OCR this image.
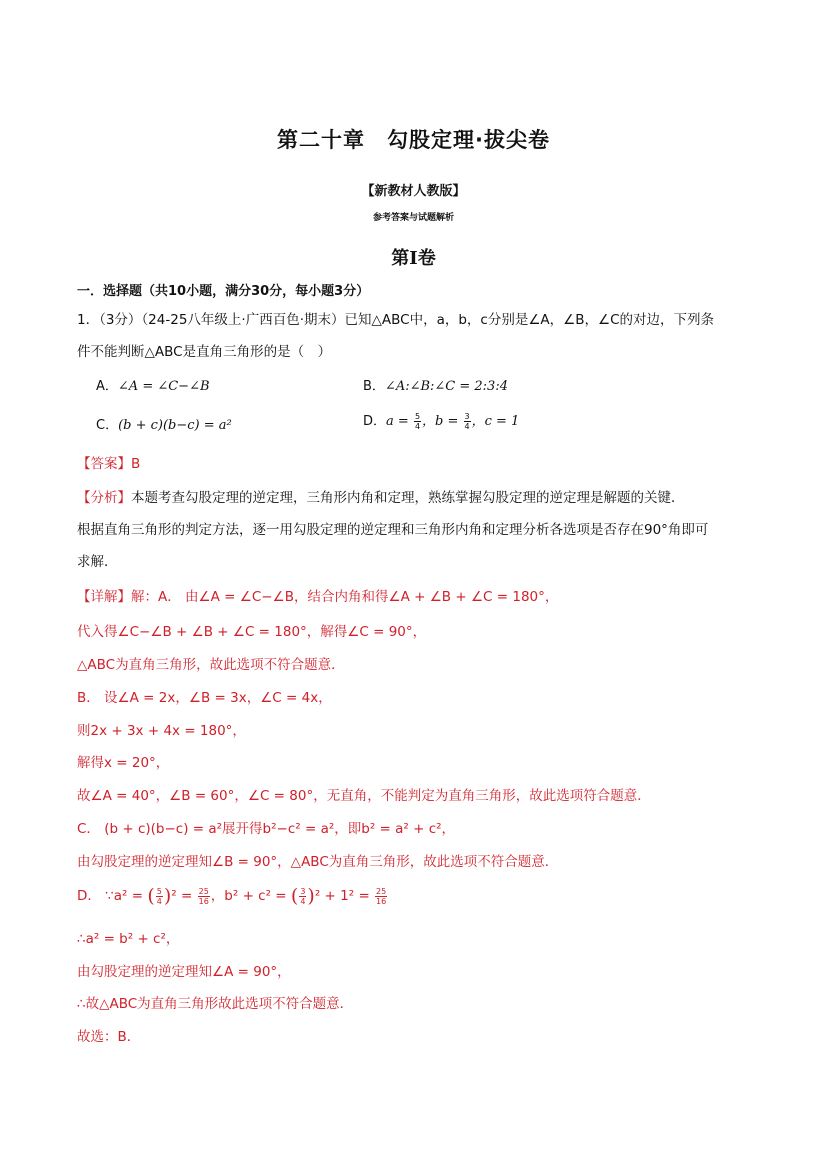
第二十章　勾股定理·拔尖卷
【新教材人教版】
参考答案与试题解析
第Ⅰ卷
一．选择题（共10小题，满分30分，每小题3分）
1．（3分）（24-25八年级上·广西百色·期末）已知△ABC中，a，b，c分别是∠A，∠B，∠C的对边，下列条
件不能判断△ABC是直角三角形的是（　）
A．∠A = ∠C−∠B	B．∠A:∠B:∠C = 2:3:4
C．(b + c)(b−c) = a²	D．$a = \frac{5}{4}$ ，$b = \frac{3}{4}$ ，c = 1
【答案】B
【分析】本题考查勾股定理的逆定理，三角形内角和定理，熟练掌握勾股定理的逆定理是解题的关键．
根据直角三角形的判定方法，逐一用勾股定理的逆定理和三角形内角和定理分析各选项是否存在90°角即可
求解．
【详解】解：A． 由∠A = ∠C−∠B，结合内角和得∠A + ∠B + ∠C = 180°，
代入得∠C−∠B + ∠B + ∠C = 180°，解得∠C = 90°，
△ABC为直角三角形，故此选项不符合题意．
B． 设∠A = 2x，∠B = 3x，∠C = 4x，
则2x + 3x + 4x = 180°，
解得x = 20°，
故∠A = 40°，∠B = 60°，∠C = 80°，无直角，不能判定为直角三角形，故此选项符合题意．
C． (b + c)(b−c) = a²展开得b²−c² = a²，即b² = a² + c²，
由勾股定理的逆定理知∠B = 90°，△ABC为直角三角形，故此选项不符合题意．
D． ∵a² = ( $\frac{5}{4} )^2 = \frac{25}{16}$ ，b² + c² = ( $\frac{3}{4} )^2 + 1^2 = \frac{25}{16}$
∴a² = b² + c²，
由勾股定理的逆定理知∠A = 90°，
∴故△ABC为直角三角形故此选项不符合题意．
故选：B．
